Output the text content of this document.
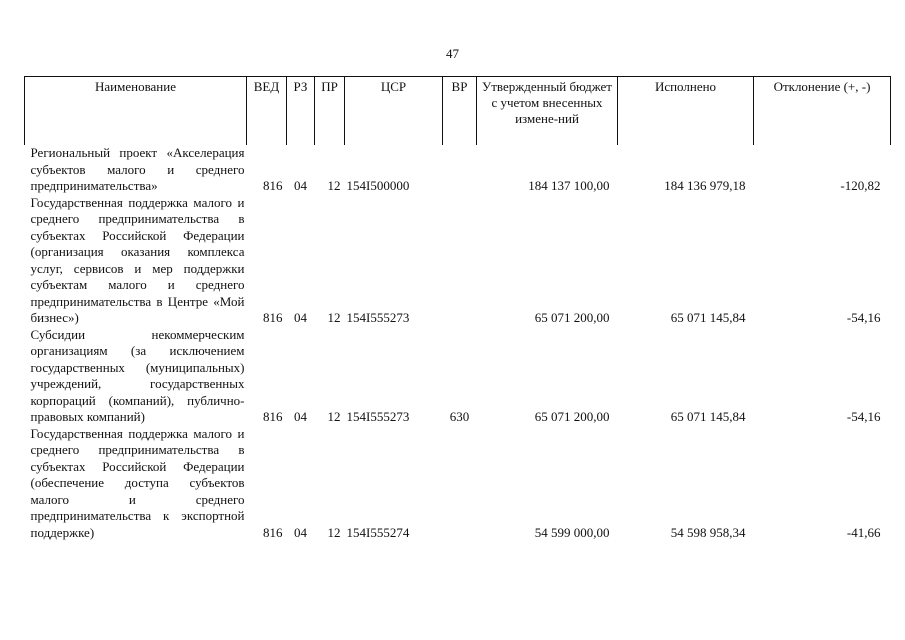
47
Наименование	ВЕД	РЗ	ПР	ЦСР	ВР	Утвержденный бюджет с учетом внесенных измене-ний	Исполнено	Отклонение (+, -)
Региональный проект «Акселерация субъектов малого и среднего предпринимательства»	816	04	12	154I500000		184 137 100,00	184 136 979,18	-120,82
Государственная поддержка малого и среднего предпринимательства в субъектах Российской Федерации (организация оказания комплекса услуг, сервисов и мер поддержки субъектам малого и среднего предпринимательства в Центре «Мой бизнес»)	816	04	12	154I555273		65 071 200,00	65 071 145,84	-54,16
Субсидии некоммерческим организациям (за исключением государственных (муниципальных) учреждений, государственных корпораций (компаний), публично-правовых компаний)	816	04	12	154I555273	630	65 071 200,00	65 071 145,84	-54,16
Государственная поддержка малого и среднего предпринимательства в субъектах Российской Федерации (обеспечение доступа субъектов малого и среднего предпринимательства к экспортной поддержке)	816	04	12	154I555274		54 599 000,00	54 598 958,34	-41,66
